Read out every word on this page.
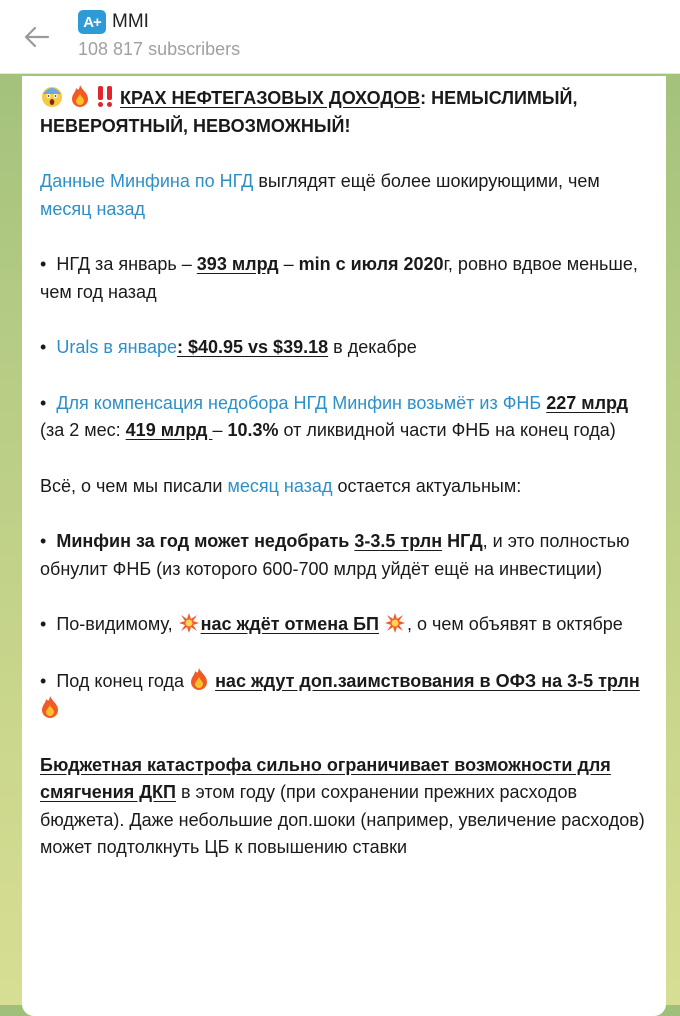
A+ MMI
108 817 subscribers

КРАХ НЕФТЕГАЗОВЫХ ДОХОДОВ: НЕМЫСЛИМЫЙ, НЕВЕРОЯТНЫЙ, НЕВОЗМОЖНЫЙ!

Данные Минфина по НГД выглядят ещё более шокирующими, чем месяц назад

• НГД за январь – 393 млрд – min с июля 2020г, ровно вдвое меньше, чем год назад

• Urals в январе: $40.95 vs $39.18 в декабре

• Для компенсация недобора НГД Минфин возьмёт из ФНБ 227 млрд (за 2 мес: 419 млрд – 10.3% от ликвидной части ФНБ на конец года)

Всё, о чем мы писали месяц назад остается актуальным:

• Минфин за год может недобрать 3-3.5 трлн НГД, и это полностью обнулит ФНБ (из которого 600-700 млрд уйдёт ещё на инвестиции)

• По-видимому, нас ждёт отмена БП , о чем объявят в октябре

• Под конец года  нас ждут доп.заимствования в ОФЗ на 3-5 трлн

Бюджетная катастрофа сильно ограничивает возможности для смягчения ДКП в этом году (при сохранении прежних расходов бюджета). Даже небольшие доп.шоки (например, увеличение расходов) может подтолкнуть ЦБ к повышению ставки
